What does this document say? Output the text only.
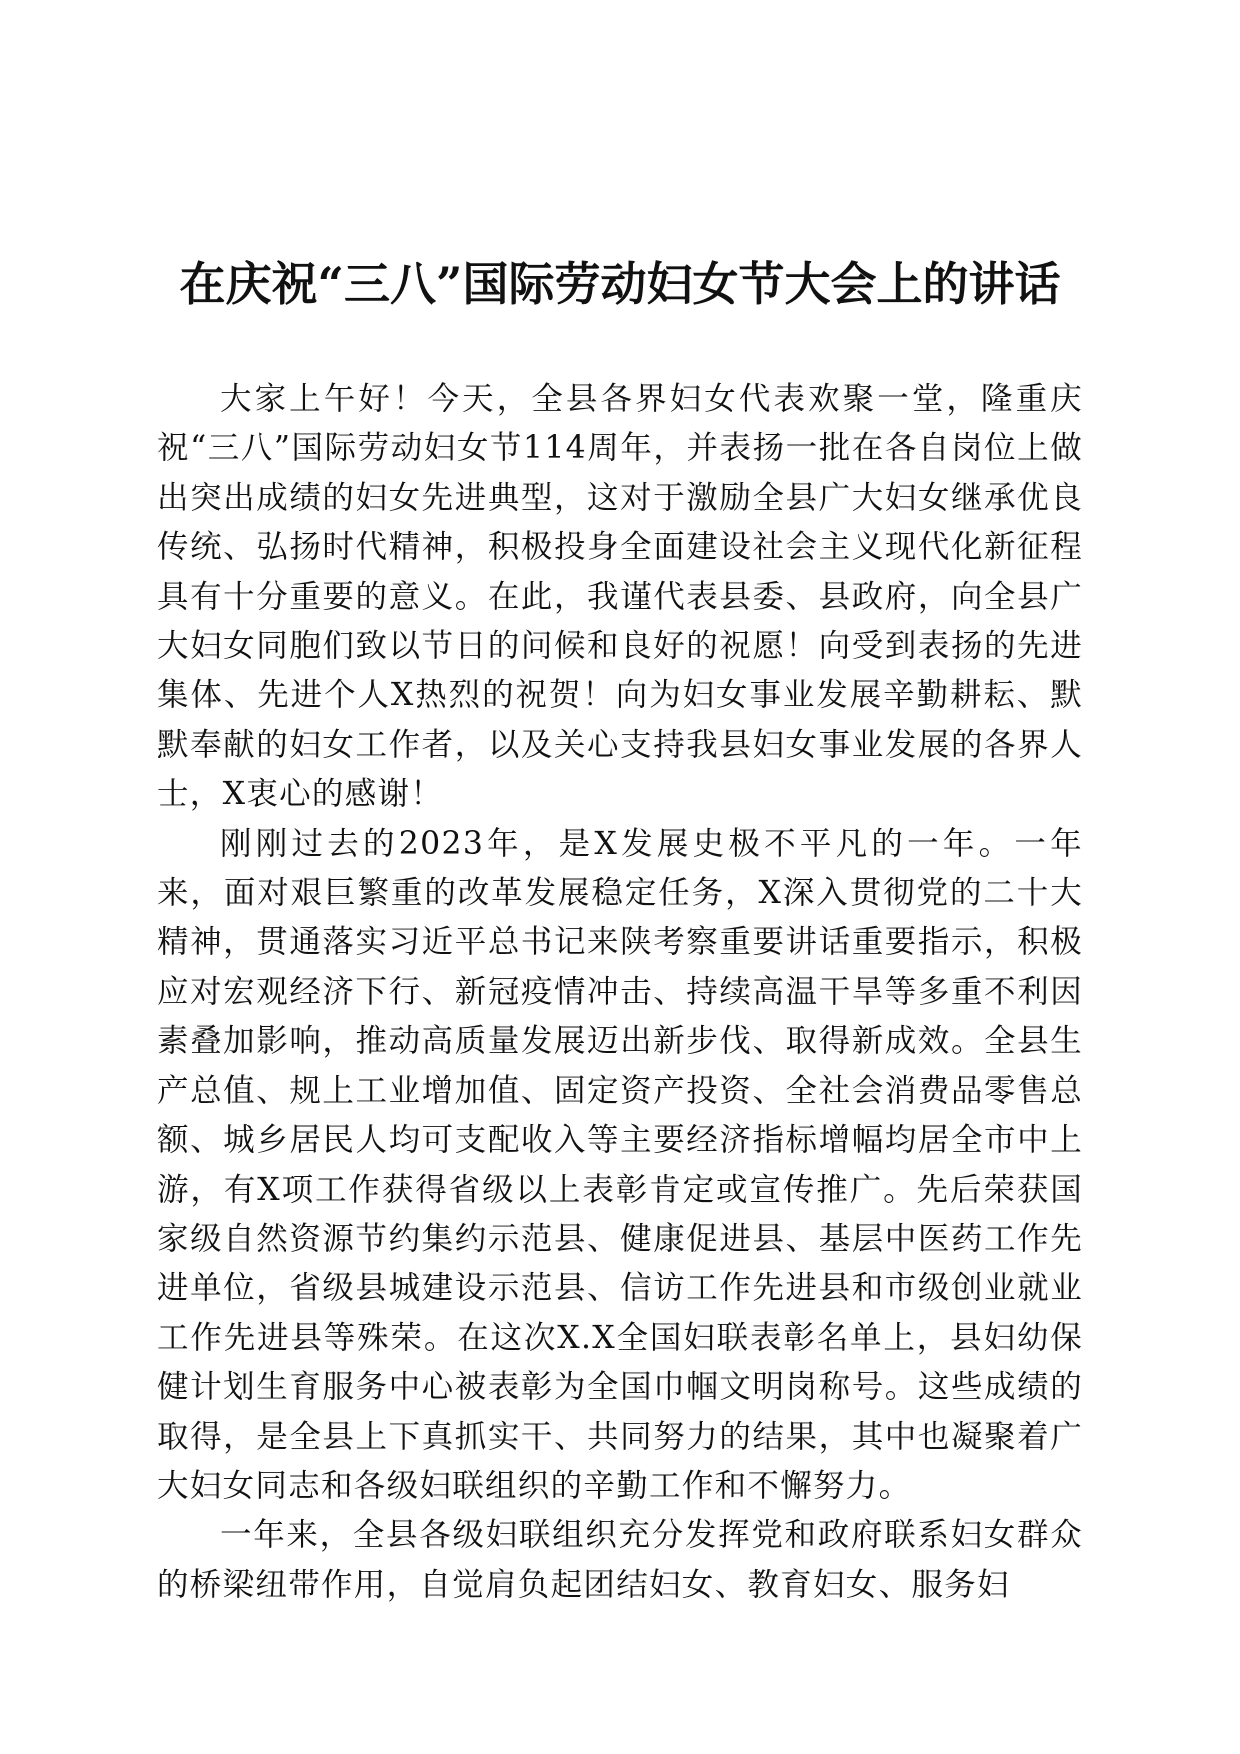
在庆祝“三八”国际劳动妇女节大会上的讲话

大家上午好！今天，全县各界妇女代表欢聚一堂，隆重庆祝“三八”国际劳动妇女节114周年，并表扬一批在各自岗位上做出突出成绩的妇女先进典型，这对于激励全县广大妇女继承优良传统、弘扬时代精神，积极投身全面建设社会主义现代化新征程具有十分重要的意义。在此，我谨代表县委、县政府，向全县广大妇女同胞们致以节日的问候和良好的祝愿！向受到表扬的先进集体、先进个人X热烈的祝贺！向为妇女事业发展辛勤耕耘、默默奉献的妇女工作者，以及关心支持我县妇女事业发展的各界人士，X衷心的感谢！

刚刚过去的2023年，是X发展史极不平凡的一年。一年来，面对艰巨繁重的改革发展稳定任务，X深入贯彻党的二十大精神，贯通落实习近平总书记来陕考察重要讲话重要指示，积极应对宏观经济下行、新冠疫情冲击、持续高温干旱等多重不利因素叠加影响，推动高质量发展迈出新步伐、取得新成效。全县生产总值、规上工业增加值、固定资产投资、全社会消费品零售总额、城乡居民人均可支配收入等主要经济指标增幅均居全市中上游，有X项工作获得省级以上表彰肯定或宣传推广。先后荣获国家级自然资源节约集约示范县、健康促进县、基层中医药工作先进单位，省级县城建设示范县、信访工作先进县和市级创业就业工作先进县等殊荣。在这次X.X全国妇联表彰名单上，县妇幼保健计划生育服务中心被表彰为全国巾帼文明岗称号。这些成绩的取得，是全县上下真抓实干、共同努力的结果，其中也凝聚着广大妇女同志和各级妇联组织的辛勤工作和不懈努力。

一年来，全县各级妇联组织充分发挥党和政府联系妇女群众的桥梁纽带作用，自觉肩负起团结妇女、教育妇女、服务妇
